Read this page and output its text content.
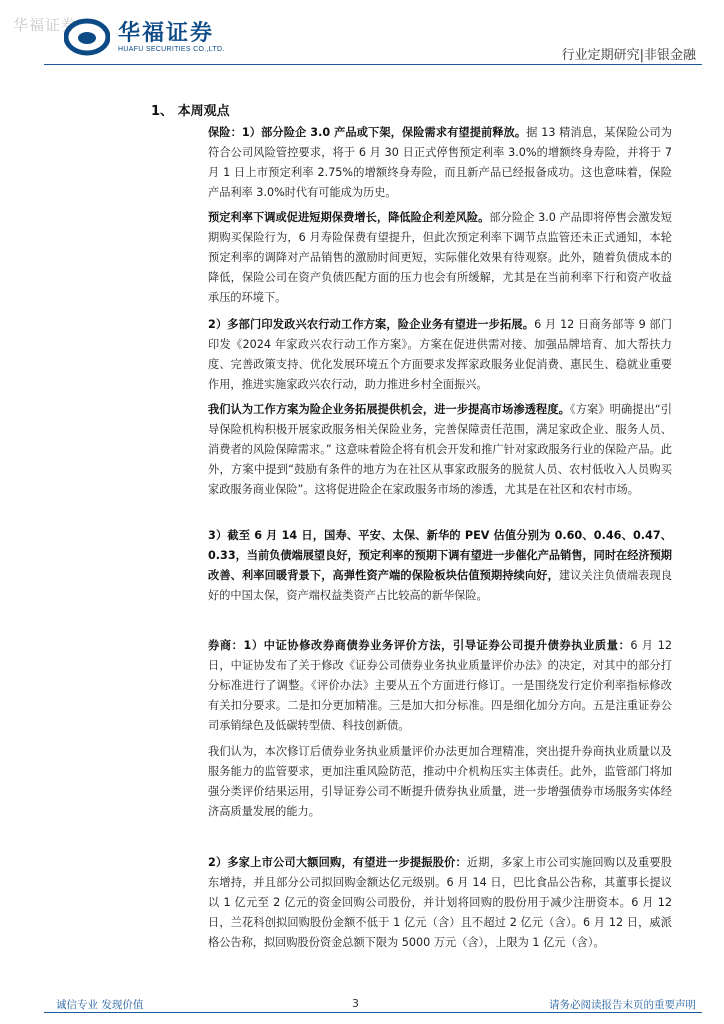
华福证券 华福证券
HUAFU SECURITIES CO.,LTD.	行业定期研究|非银金融
1、 本周观点

保险：1）部分险企 3.0 产品或下架，保险需求有望提前释放。据 13 精消息，某保险公司为符合公司风险管控要求，将于 6 月 30 日正式停售预定利率 3.0%的增额终身寿险，并将于 7 月 1 日上市预定利率 2.75%的增额终身寿险，而且新产品已经报备成功。这也意味着，保险产品利率 3.0%时代有可能成为历史。

预定利率下调或促进短期保费增长，降低险企利差风险。部分险企 3.0 产品即将停售会激发短期购买保险行为，6 月寿险保费有望提升，但此次预定利率下调节点监管还未正式通知，本轮预定利率的调降对产品销售的激励时间更短，实际催化效果有待观察。此外，随着负债成本的降低，保险公司在资产负债匹配方面的压力也会有所缓解，尤其是在当前利率下行和资产收益承压的环境下。

2）多部门印发政兴农行动工作方案，险企业务有望进一步拓展。6 月 12 日商务部等 9 部门印发《2024 年家政兴农行动工作方案》。方案在促进供需对接、加强品牌培育、加大帮扶力度、完善政策支持、优化发展环境五个方面要求发挥家政服务业促消费、惠民生、稳就业重要作用，推进实施家政兴农行动，助力推进乡村全面振兴。

我们认为工作方案为险企业务拓展提供机会，进一步提高市场渗透程度。《方案》明确提出“引导保险机构积极开展家政服务相关保险业务，完善保障责任范围，满足家政企业、服务人员、消费者的风险保障需求。” 这意味着险企将有机会开发和推广针对家政服务行业的保险产品。此外，方案中提到“鼓励有条件的地方为在社区从事家政服务的脱贫人员、农村低收入人员购买家政服务商业保险”。这将促进险企在家政服务市场的渗透，尤其是在社区和农村市场。

3）截至 6 月 14 日，国寿、平安、太保、新华的 PEV 估值分别为 0.60、0.46、0.47、0.33，当前负债端展望良好，预定利率的预期下调有望进一步催化产品销售，同时在经济预期改善、利率回暖背景下，高弹性资产端的保险板块估值预期持续向好，建议关注负债端表现良好的中国太保，资产端权益类资产占比较高的新华保险。

券商：1）中证协修改券商债券业务评价方法，引导证券公司提升债券执业质量：6 月 12 日，中证协发布了关于修改《证券公司债券业务执业质量评价办法》的决定，对其中的部分打分标准进行了调整。《评价办法》主要从五个方面进行修订。一是围绕发行定价利率指标修改有关扣分要求。二是扣分更加精准。三是加大扣分标准。四是细化加分方向。五是注重证券公司承销绿色及低碳转型债、科技创新债。

我们认为，本次修订后债券业务执业质量评价办法更加合理精准，突出提升券商执业质量以及服务能力的监管要求，更加注重风险防范，推动中介机构压实主体责任。此外，监管部门将加强分类评价结果运用，引导证券公司不断提升债券执业质量，进一步增强债券市场服务实体经济高质量发展的能力。

2）多家上市公司大额回购，有望进一步提振股价：近期，多家上市公司实施回购以及重要股东增持，并且部分公司拟回购金额达亿元级别。6 月 14 日，巴比食品公告称，其董事长提议以 1 亿元至 2 亿元的资金回购公司股份，并计划将回购的股份用于减少注册资本。6 月 12 日，兰花科创拟回购股份金额不低于 1 亿元（含）且不超过 2 亿元（含）。6 月 12 日，威派格公告称，拟回购股份资金总额下限为 5000 万元（含），上限为 1 亿元（含）。

诚信专业 发现价值	3	请务必阅读报告末页的重要声明
